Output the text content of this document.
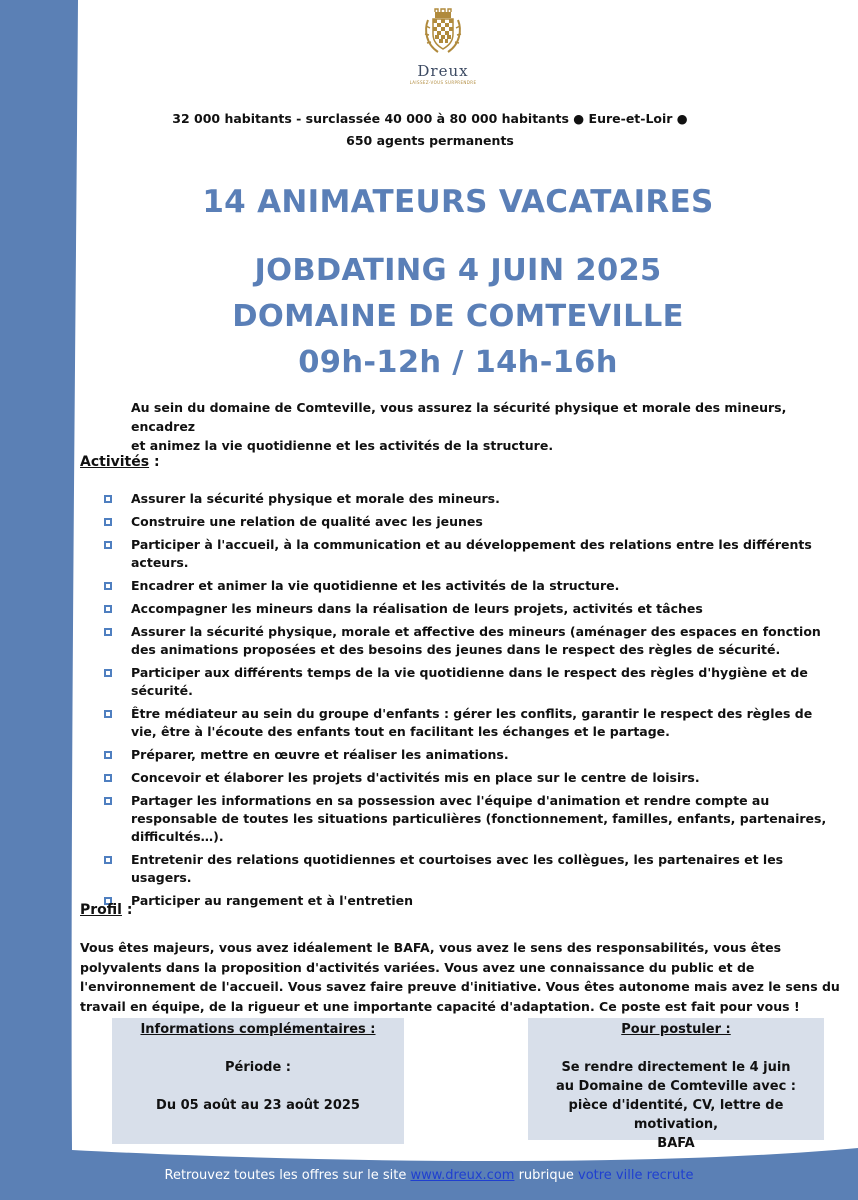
Dreux
LAISSEZ-VOUS SURPRENDRE
32 000 habitants - surclassée 40 000 à 80 000 habitants ● Eure-et-Loir ●
650 agents permanents
14 ANIMATEURS VACATAIRES
JOBDATING 4 JUIN 2025
DOMAINE DE COMTEVILLE
09h-12h / 14h-16h
Au sein du domaine de Comteville, vous assurez la sécurité physique et morale des mineurs, encadrez
et animez la vie quotidienne et les activités de la structure.
Activités :
Assurer la sécurité physique et morale des mineurs.
Construire une relation de qualité avec les jeunes
Participer à l'accueil, à la communication et au développement des relations entre les différents acteurs.
Encadrer et animer la vie quotidienne et les activités de la structure.
Accompagner les mineurs dans la réalisation de leurs projets, activités et tâches
Assurer la sécurité physique, morale et affective des mineurs (aménager des espaces en fonction des animations proposées et des besoins des jeunes dans le respect des règles de sécurité.
Participer aux différents temps de la vie quotidienne dans le respect des règles d'hygiène et de sécurité.
Être médiateur au sein du groupe d'enfants : gérer les conflits, garantir le respect des règles de vie, être à l'écoute des enfants tout en facilitant les échanges et le partage.
Préparer, mettre en œuvre et réaliser les animations.
Concevoir et élaborer les projets d'activités mis en place sur le centre de loisirs.
Partager les informations en sa possession avec l'équipe d'animation et rendre compte au responsable de toutes les situations particulières (fonctionnement, familles, enfants, partenaires, difficultés…).
Entretenir des relations quotidiennes et courtoises avec les collègues, les partenaires et les usagers.
Participer au rangement et à l'entretien
Profil :
Vous êtes majeurs, vous avez idéalement le BAFA, vous avez le sens des responsabilités, vous êtes polyvalents dans la proposition d'activités variées. Vous avez une connaissance du public et de l'environnement de l'accueil. Vous savez faire preuve d'initiative. Vous êtes autonome mais avez le sens du travail en équipe, de la rigueur et une importante capacité d'adaptation. Ce poste est fait pour vous !
Informations complémentaires :
Période :
Du 05 août au 23 août 2025
Pour postuler :
Se rendre directement le 4 juin
au Domaine de Comteville avec :
pièce d'identité, CV, lettre de motivation,
BAFA
Retrouvez toutes les offres sur le site www.dreux.com rubrique votre ville recrute
